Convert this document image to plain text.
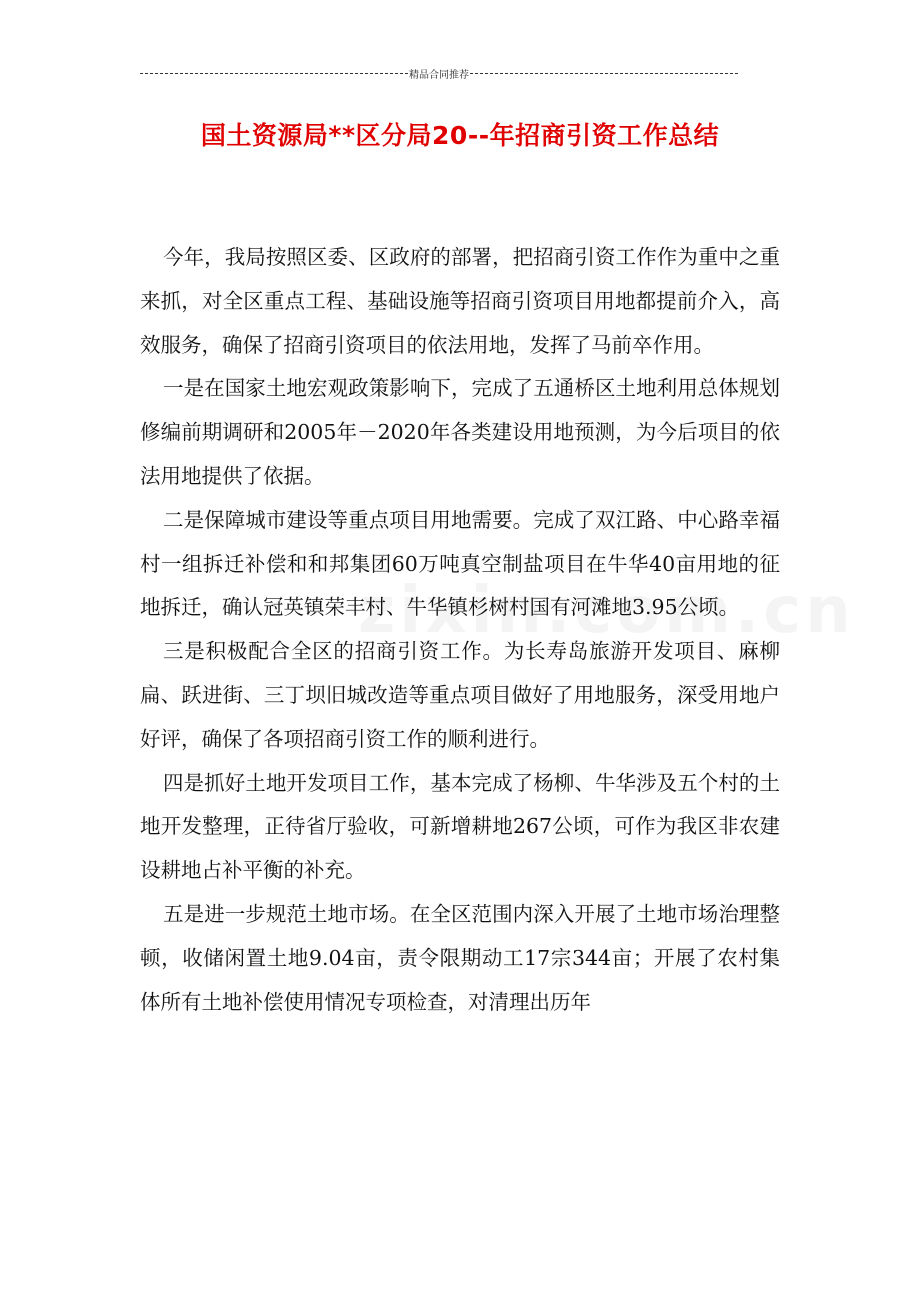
精品合同推荐
国土资源局**区分局20--年招商引资工作总结

今年，我局按照区委、区政府的部署，把招商引资工作作为重中之重来抓，对全区重点工程、基础设施等招商引资项目用地都提前介入，高效服务，确保了招商引资项目的依法用地，发挥了马前卒作用。

一是在国家土地宏观政策影响下，完成了五通桥区土地利用总体规划修编前期调研和2005年－2020年各类建设用地预测，为今后项目的依法用地提供了依据。

二是保障城市建设等重点项目用地需要。完成了双江路、中心路幸福村一组拆迁补偿和和邦集团60万吨真空制盐项目在牛华40亩用地的征地拆迁，确认冠英镇荣丰村、牛华镇杉树村国有河滩地3.95公顷。

三是积极配合全区的招商引资工作。为长寿岛旅游开发项目、麻柳扁、跃进街、三丁坝旧城改造等重点项目做好了用地服务，深受用地户好评，确保了各项招商引资工作的顺利进行。

四是抓好土地开发项目工作，基本完成了杨柳、牛华涉及五个村的土地开发整理，正待省厅验收，可新增耕地267公顷，可作为我区非农建设耕地占补平衡的补充。

五是进一步规范土地市场。在全区范围内深入开展了土地市场治理整顿，收储闲置土地9.04亩，责令限期动工17宗344亩；开展了农村集体所有土地补偿使用情况专项检查，对清理出历年
